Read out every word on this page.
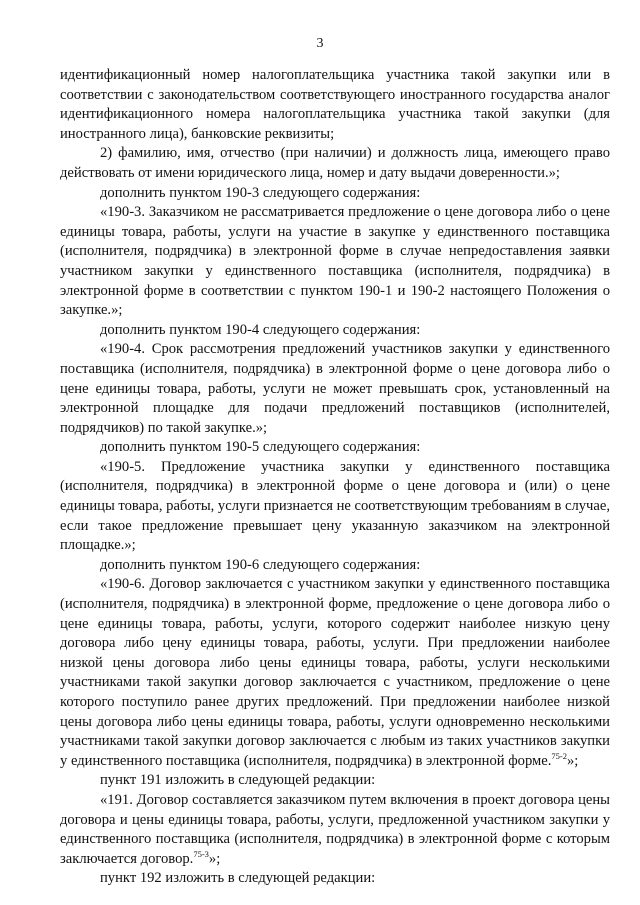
3

идентификационный номер налогоплательщика участника такой закупки или в соответствии с законодательством соответствующего иностранного государства аналог идентификационного номера налогоплательщика участника такой закупки (для иностранного лица), банковские реквизиты;

2) фамилию, имя, отчество (при наличии) и должность лица, имеющего право действовать от имени юридического лица, номер и дату выдачи доверенности.»;

дополнить пунктом 190-3 следующего содержания:

«190-3. Заказчиком не рассматривается предложение о цене договора либо о цене единицы товара, работы, услуги на участие в закупке у единственного поставщика (исполнителя, подрядчика) в электронной форме в случае непредоставления заявки участником закупки у единственного поставщика (исполнителя, подрядчика) в электронной форме в соответствии с пунктом 190-1 и 190-2 настоящего Положения о закупке.»;

дополнить пунктом 190-4 следующего содержания:

«190-4. Срок рассмотрения предложений участников закупки у единственного поставщика (исполнителя, подрядчика) в электронной форме о цене договора либо о цене единицы товара, работы, услуги не может превышать срок, установленный на электронной площадке для подачи предложений поставщиков (исполнителей, подрядчиков) по такой закупке.»;

дополнить пунктом 190-5 следующего содержания:

«190-5. Предложение участника закупки у единственного поставщика (исполнителя, подрядчика) в электронной форме о цене договора и (или) о цене единицы товара, работы, услуги признается не соответствующим требованиям в случае, если такое предложение превышает цену указанную заказчиком на электронной площадке.»;

дополнить пунктом 190-6 следующего содержания:

«190-6. Договор заключается с участником закупки у единственного поставщика (исполнителя, подрядчика) в электронной форме, предложение о цене договора либо о цене единицы товара, работы, услуги, которого содержит наиболее низкую цену договора либо цену единицы товара, работы, услуги. При предложении наиболее низкой цены договора либо цены единицы товара, работы, услуги несколькими участниками такой закупки договор заключается с участником, предложение о цене которого поступило ранее других предложений. При предложении наиболее низкой цены договора либо цены единицы товара, работы, услуги одновременно несколькими участниками такой закупки договор заключается с любым из таких участников закупки у единственного поставщика (исполнителя, подрядчика) в электронной форме.$^{75-2}$»;

пункт 191 изложить в следующей редакции:

«191. Договор составляется заказчиком путем включения в проект договора цены договора и цены единицы товара, работы, услуги, предложенной участником закупки у единственного поставщика (исполнителя, подрядчика) в электронной форме с которым заключается договор.$^{75-3}$»;

пункт 192 изложить в следующей редакции:
